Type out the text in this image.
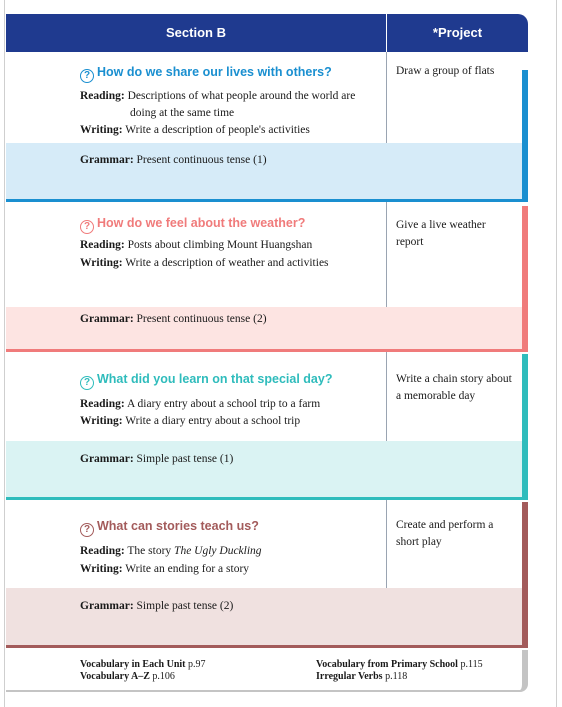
Section B	*Project
? How do we share our lives with others?
Reading: Descriptions of what people around the world are
doing at the same time
Writing: Write a description of people's activities
Grammar: Present continuous tense (1)
Draw a group of flats
? How do we feel about the weather?
Reading: Posts about climbing Mount Huangshan
Writing: Write a description of weather and activities
Grammar: Present continuous tense (2)
Give a live weather report
? What did you learn on that special day?
Reading: A diary entry about a school trip to a farm
Writing: Write a diary entry about a school trip
Grammar: Simple past tense (1)
Write a chain story about a memorable day
? What can stories teach us?
Reading: The story The Ugly Duckling
Writing: Write an ending for a story
Grammar: Simple past tense (2)
Create and perform a short play
Vocabulary in Each Unit p.97
Vocabulary A–Z p.106
Vocabulary from Primary School p.115
Irregular Verbs p.118
